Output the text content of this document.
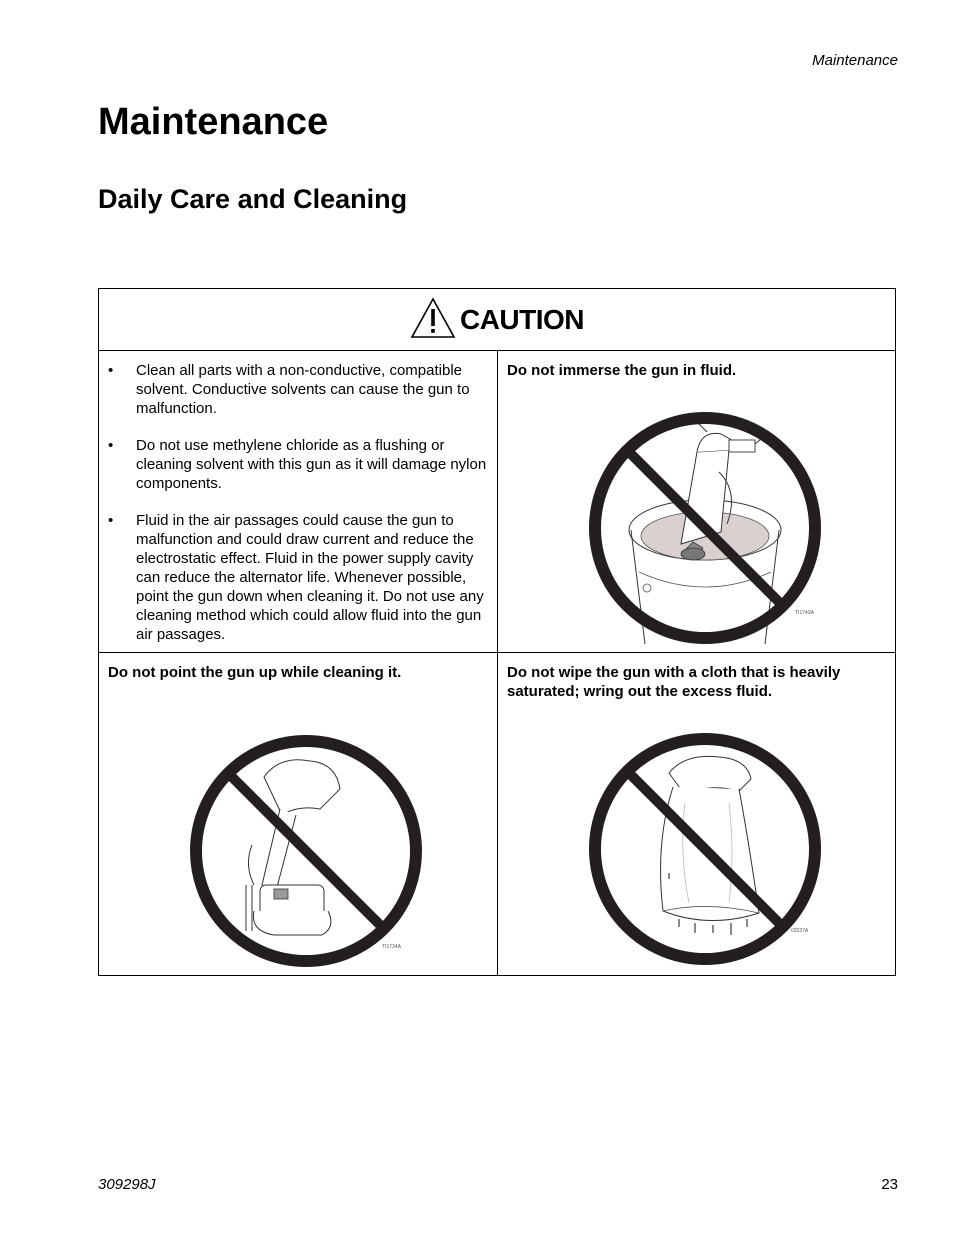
Maintenance
Maintenance
Daily Care and Cleaning
CAUTION
• Clean all parts with a non-conductive, compatible solvent. Conductive solvents can cause the gun to malfunction.
• Do not use methylene chloride as a flushing or cleaning solvent with this gun as it will damage nylon components.
• Fluid in the air passages could cause the gun to malfunction and could draw current and reduce the electrostatic effect. Fluid in the power supply cavity can reduce the alternator life. Whenever possible, point the gun down when cleaning it. Do not use any cleaning method which could allow fluid into the gun air passages.

Do not immerse the gun in fluid.

TI1743A

Do not point the gun up while cleaning it.

TI1734A

Do not wipe the gun with a cloth that is heavily saturated; wring out the excess fluid.

02027A
309298J	23
